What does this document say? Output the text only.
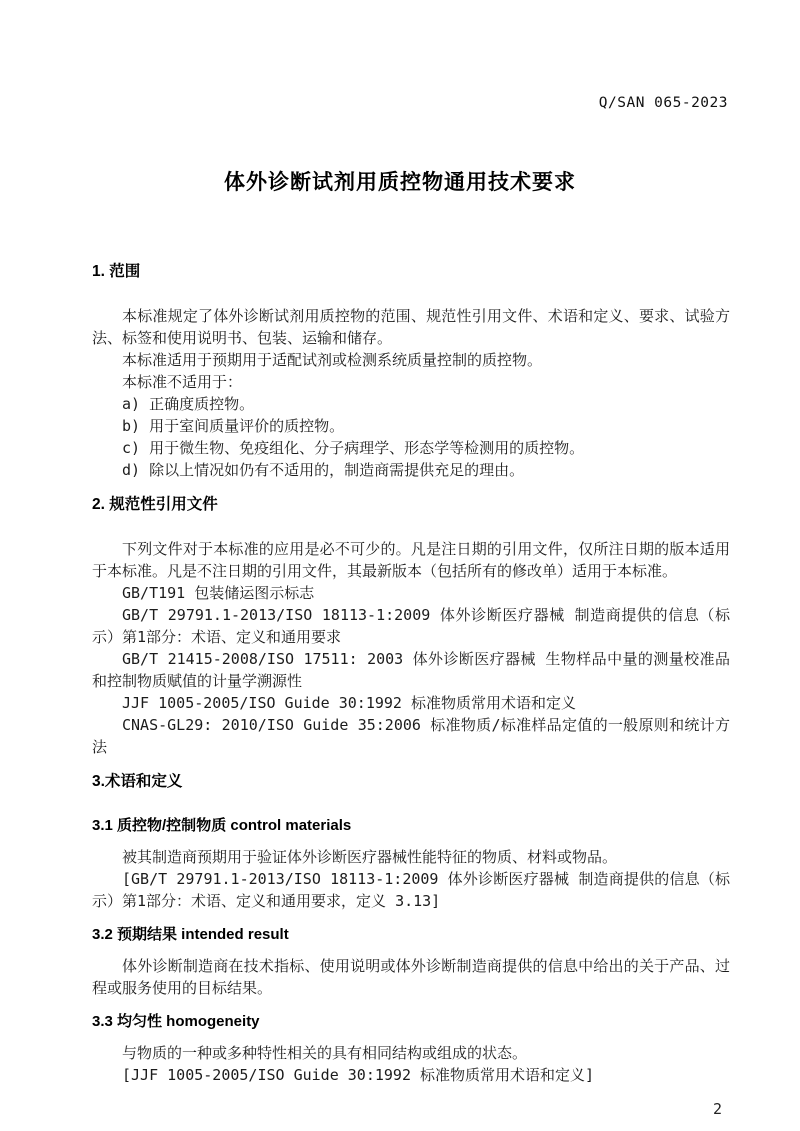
Q/SAN 065-2023
体外诊断试剂用质控物通用技术要求

1. 范围

本标准规定了体外诊断试剂用质控物的范围、规范性引用文件、术语和定义、要求、试验方法、标签和使用说明书、包装、运输和储存。

本标准适用于预期用于适配试剂或检测系统质量控制的质控物。

本标准不适用于：

a) 正确度质控物。

b) 用于室间质量评价的质控物。

c) 用于微生物、免疫组化、分子病理学、形态学等检测用的质控物。

d) 除以上情况如仍有不适用的，制造商需提供充足的理由。

2. 规范性引用文件

下列文件对于本标准的应用是必不可少的。凡是注日期的引用文件，仅所注日期的版本适用于本标准。凡是不注日期的引用文件，其最新版本（包括所有的修改单）适用于本标准。

GB/T191 包装储运图示标志

GB/T 29791.1-2013/ISO 18113-1:2009 体外诊断医疗器械 制造商提供的信息（标示）第1部分：术语、定义和通用要求

GB/T 21415-2008/ISO 17511: 2003 体外诊断医疗器械 生物样品中量的测量校准品和控制物质赋值的计量学溯源性

JJF 1005-2005/ISO Guide 30:1992 标准物质常用术语和定义

CNAS-GL29: 2010/ISO Guide 35:2006 标准物质/标准样品定值的一般原则和统计方法

3.术语和定义

3.1 质控物/控制物质 control materials

被其制造商预期用于验证体外诊断医疗器械性能特征的物质、材料或物品。

[GB/T 29791.1-2013/ISO 18113-1:2009 体外诊断医疗器械 制造商提供的信息（标示）第1部分：术语、定义和通用要求，定义 3.13]

3.2 预期结果 intended result

体外诊断制造商在技术指标、使用说明或体外诊断制造商提供的信息中给出的关于产品、过程或服务使用的目标结果。

3.3 均匀性 homogeneity

与物质的一种或多种特性相关的具有相同结构或组成的状态。

[JJF 1005-2005/ISO Guide 30:1992 标准物质常用术语和定义]

2
